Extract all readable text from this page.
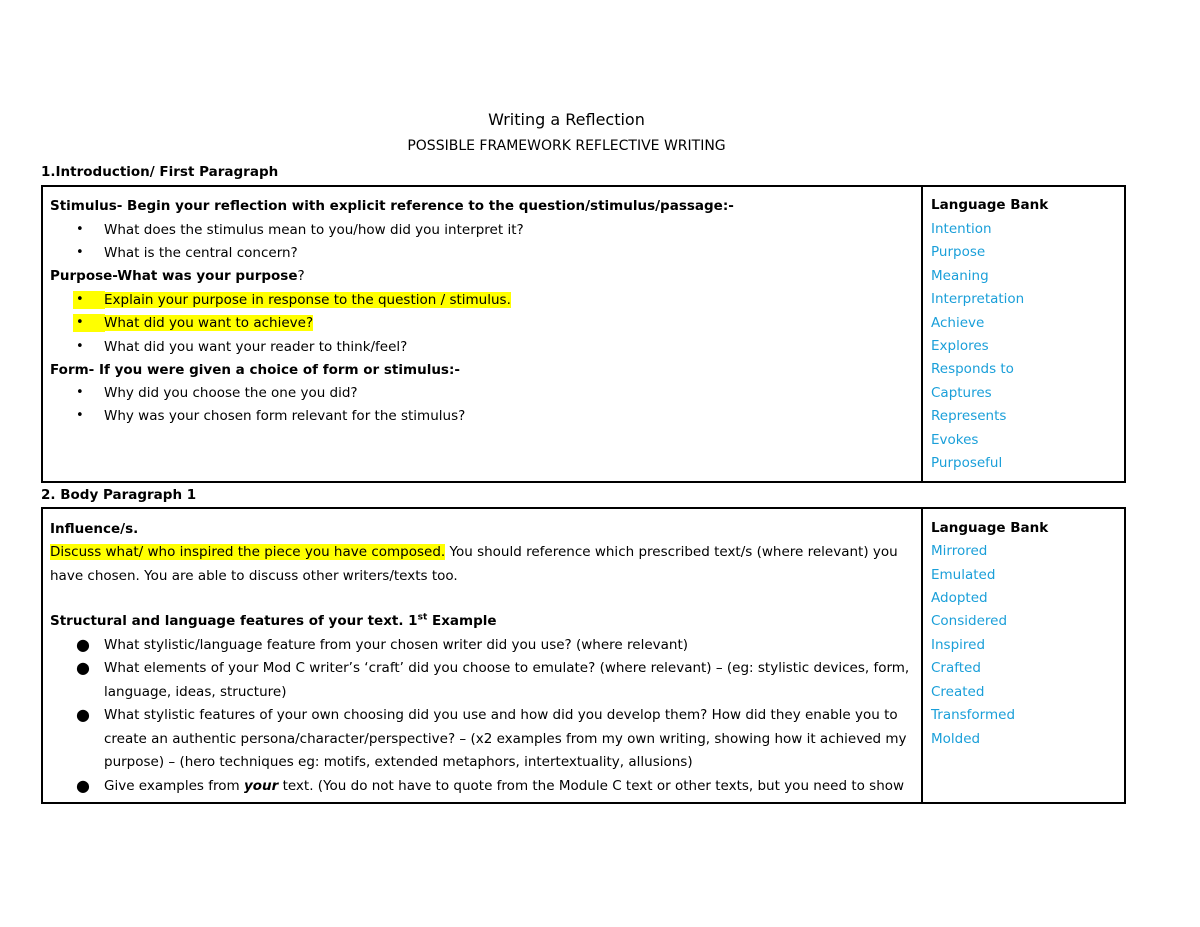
Writing a Reflection
POSSIBLE FRAMEWORK REFLECTIVE WRITING
1.Introduction/ First Paragraph
Stimulus- Begin your reflection with explicit reference to the question/stimulus/passage:-
• What does the stimulus mean to you/how did you interpret it?
• What is the central concern?
Purpose-What was your purpose?
•	Explain your purpose in response to the question / stimulus.
•	What did you want to achieve?
• What did you want your reader to think/feel?
Form- If you were given a choice of form or stimulus:-
• Why did you choose the one you did?
• Why was your chosen form relevant for the stimulus?
Language Bank
Intention
Purpose
Meaning
Interpretation
Achieve
Explores
Responds to
Captures
Represents
Evokes
Purposeful
2. Body Paragraph 1
Influence/s.
Discuss what/ who inspired the piece you have composed. You should reference which prescribed text/s (where relevant) you
have chosen. You are able to discuss other writers/texts too.
Structural and language features of your text. 1st Example
● What stylistic/language feature from your chosen writer did you use? (where relevant)
● What elements of your Mod C writer’s ‘craft’ did you choose to emulate? (where relevant) – (eg: stylistic devices, form,
language, ideas, structure)
● What stylistic features of your own choosing did you use and how did you develop them? How did they enable you to
create an authentic persona/character/perspective? – (x2 examples from my own writing, showing how it achieved my
purpose) – (hero techniques eg: motifs, extended metaphors, intertextuality, allusions)
● Give examples from your text. (You do not have to quote from the Module C text or other texts, but you need to show
Language Bank
Mirrored
Emulated
Adopted
Considered
Inspired
Crafted
Created
Transformed
Molded
